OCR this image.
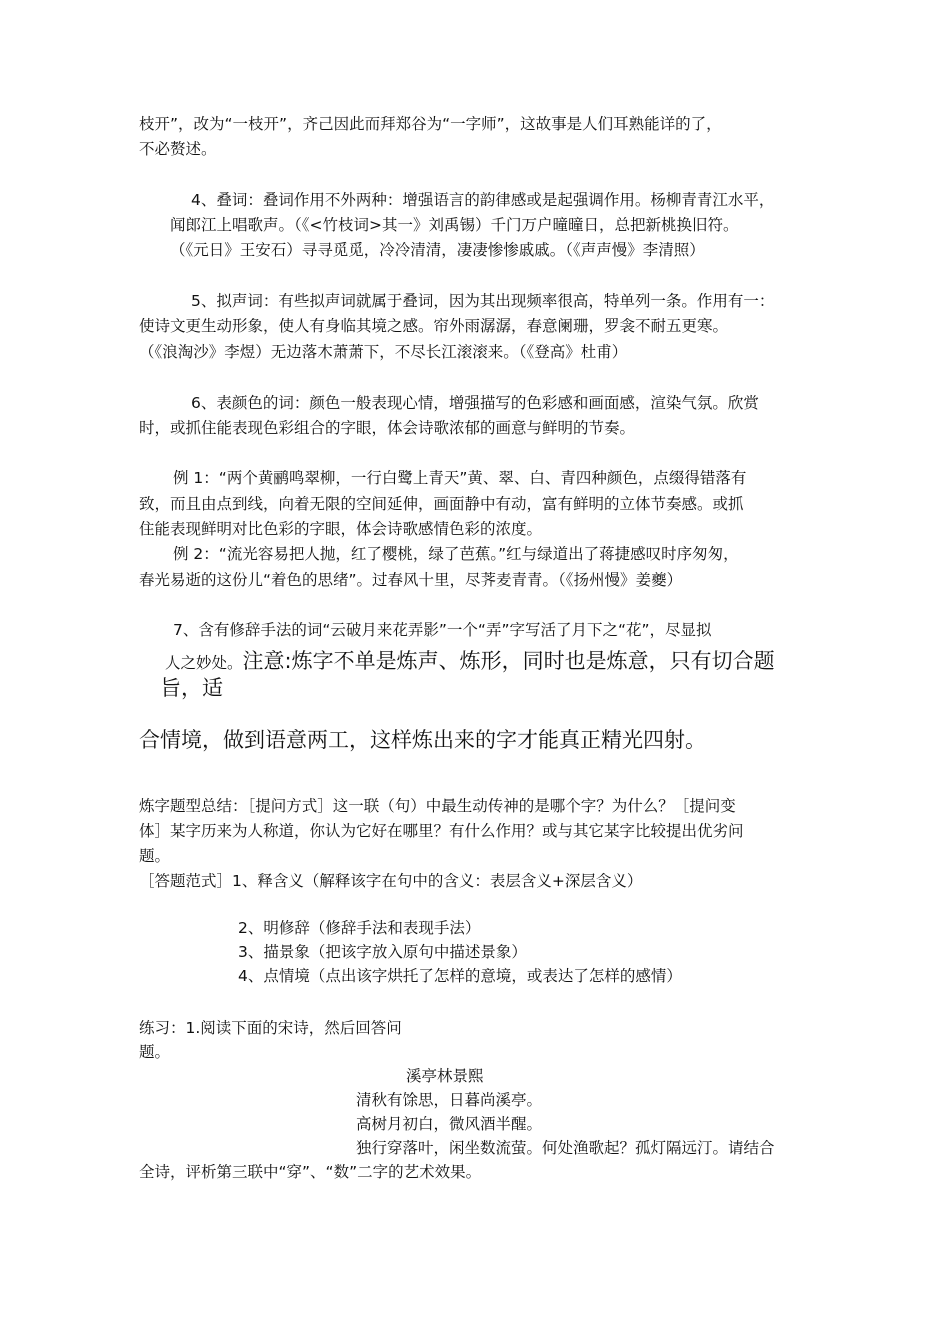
枝开”，改为“一枝开”，齐己因此而拜郑谷为“一字师”，这故事是人们耳熟能详的了，
不必赘述。
4、叠词：叠词作用不外两种：增强语言的韵律感或是起强调作用。杨柳青青江水平，
闻郎江上唱歌声。（《<竹枝词>其一》刘禹锡）千门万户曈曈日，总把新桃换旧符。
（《元日》王安石）寻寻觅觅，冷冷清清，凄凄惨惨戚戚。（《声声慢》李清照）
5、拟声词：有些拟声词就属于叠词，因为其出现频率很高，特单列一条。作用有一：
使诗文更生动形象，使人有身临其境之感。帘外雨潺潺，春意阑珊，罗衾不耐五更寒。
（《浪淘沙》李煜）无边落木萧萧下，不尽长江滚滚来。（《登高》杜甫）
6、表颜色的词：颜色一般表现心情，增强描写的色彩感和画面感，渲染气氛。欣赏
时，或抓住能表现色彩组合的字眼，体会诗歌浓郁的画意与鲜明的节奏。
例 1：“两个黄鹂鸣翠柳，一行白鹭上青天”黄、翠、白、青四种颜色，点缀得错落有
致，而且由点到线，向着无限的空间延伸，画面静中有动，富有鲜明的立体节奏感。或抓
住能表现鲜明对比色彩的字眼，体会诗歌感情色彩的浓度。
例 2：“流光容易把人抛，红了樱桃，绿了芭蕉。”红与绿道出了蒋捷感叹时序匆匆，
春光易逝的这份儿“着色的思绪”。过春风十里，尽荠麦青青。（《扬州慢》姜夔）
7、含有修辞手法的词“云破月来花弄影”一个“弄”字写活了月下之“花”，尽显拟
人之妙处。注意:炼字不单是炼声、炼形，同时也是炼意，只有切合题
旨，适
合情境，做到语意两工，这样炼出来的字才能真正精光四射。
炼字题型总结：［提问方式］这一联（句）中最生动传神的是哪个字？为什么？［提问变
体］某字历来为人称道，你认为它好在哪里？有什么作用？或与其它某字比较提出优劣问
题。
［答题范式］1、释含义（解释该字在句中的含义：表层含义+深层含义）
2、明修辞（修辞手法和表现手法）
3、描景象（把该字放入原句中描述景象）
4、点情境（点出该字烘托了怎样的意境，或表达了怎样的感情）
练习：1.阅读下面的宋诗，然后回答问
题。
溪亭林景熙
清秋有馀思，日暮尚溪亭。
高树月初白，微风酒半醒。
独行穿落叶，闲坐数流萤。何处渔歌起？孤灯隔远汀。请结合
全诗，评析第三联中“穿”、“数”二字的艺术效果。
